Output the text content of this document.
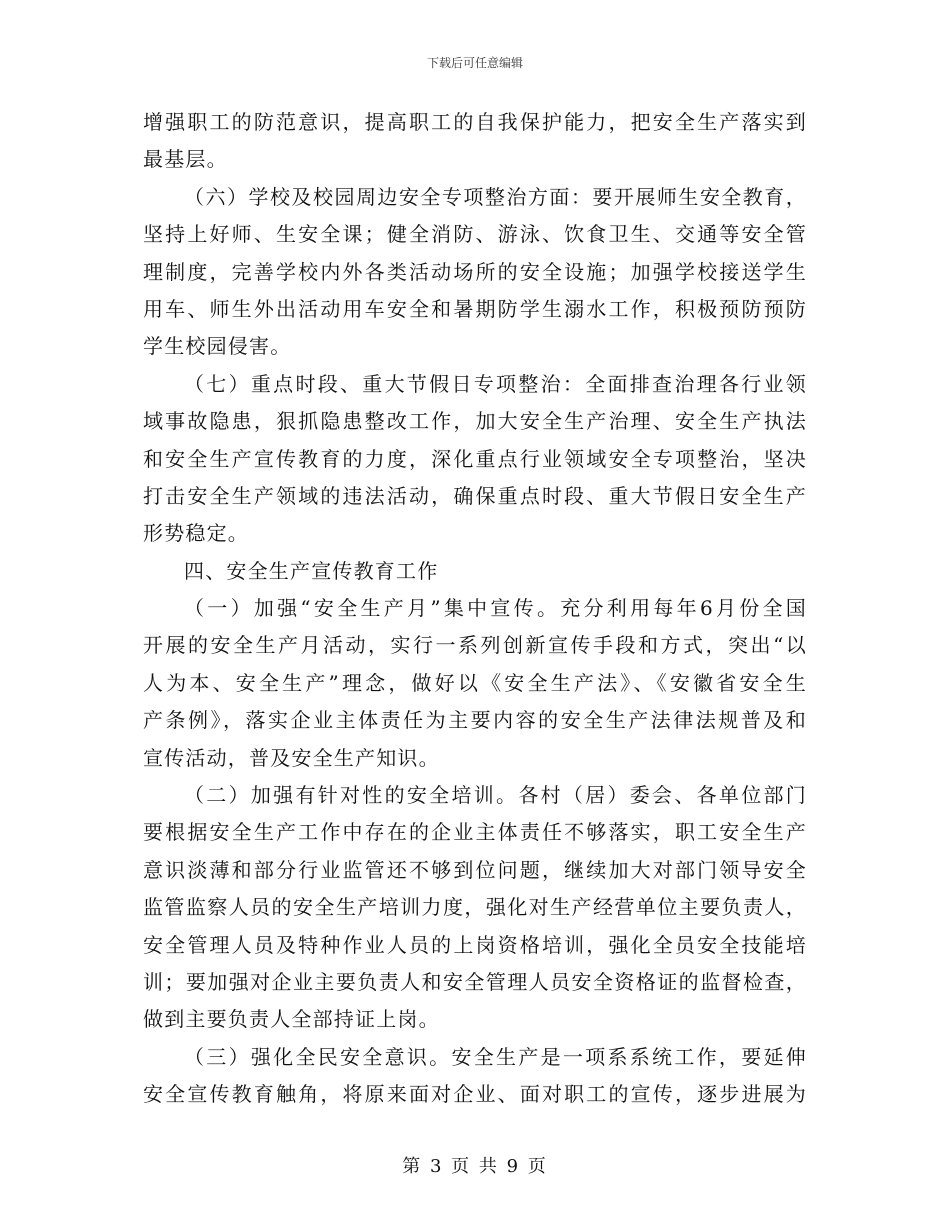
下载后可任意编辑
增强职工的防范意识，提高职工的自我保护能力，把安全生产落实到
最基层。
（六）学校及校园周边安全专项整治方面：要开展师生安全教育，
坚持上好师、生安全课；健全消防、游泳、饮食卫生、交通等安全管
理制度，完善学校内外各类活动场所的安全设施；加强学校接送学生
用车、师生外出活动用车安全和暑期防学生溺水工作，积极预防预防
学生校园侵害。
（七）重点时段、重大节假日专项整治：全面排查治理各行业领
域事故隐患，狠抓隐患整改工作，加大安全生产治理、安全生产执法
和安全生产宣传教育的力度，深化重点行业领域安全专项整治，坚决
打击安全生产领域的违法活动，确保重点时段、重大节假日安全生产
形势稳定。
四、安全生产宣传教育工作
（一）加强“安全生产月”集中宣传。充分利用每年6月份全国
开展的安全生产月活动，实行一系列创新宣传手段和方式，突出“以
人为本、安全生产”理念，做好以《安全生产法》、《安徽省安全生
产条例》，落实企业主体责任为主要内容的安全生产法律法规普及和
宣传活动，普及安全生产知识。
（二）加强有针对性的安全培训。各村（居）委会、各单位部门
要根据安全生产工作中存在的企业主体责任不够落实，职工安全生产
意识淡薄和部分行业监管还不够到位问题，继续加大对部门领导安全
监管监察人员的安全生产培训力度，强化对生产经营单位主要负责人，
安全管理人员及特种作业人员的上岗资格培训，强化全员安全技能培
训；要加强对企业主要负责人和安全管理人员安全资格证的监督检查，
做到主要负责人全部持证上岗。
（三）强化全民安全意识。安全生产是一项系系统工作，要延伸
安全宣传教育触角，将原来面对企业、面对职工的宣传，逐步进展为
第 3 页 共 9 页
